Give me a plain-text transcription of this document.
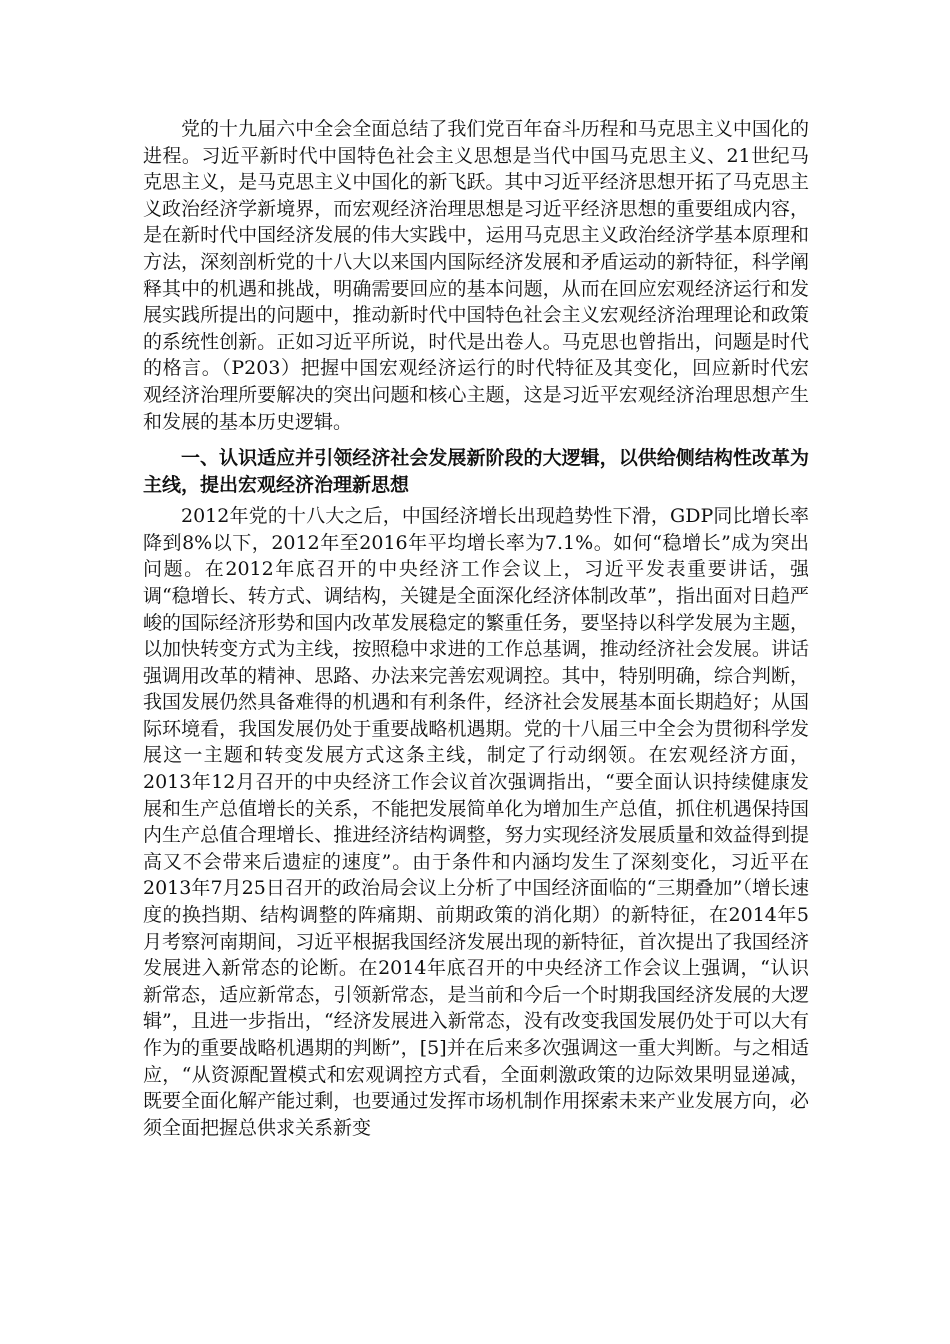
党的十九届六中全会全面总结了我们党百年奋斗历程和马克思主义中国化的进程。习近平新时代中国特色社会主义思想是当代中国马克思主义、21世纪马克思主义，是马克思主义中国化的新飞跃。其中习近平经济思想开拓了马克思主义政治经济学新境界，而宏观经济治理思想是习近平经济思想的重要组成内容，是在新时代中国经济发展的伟大实践中，运用马克思主义政治经济学基本原理和方法，深刻剖析党的十八大以来国内国际经济发展和矛盾运动的新特征，科学阐释其中的机遇和挑战，明确需要回应的基本问题，从而在回应宏观经济运行和发展实践所提出的问题中，推动新时代中国特色社会主义宏观经济治理理论和政策的系统性创新。正如习近平所说，时代是出卷人。马克思也曾指出，问题是时代的格言。（P203）把握中国宏观经济运行的时代特征及其变化，回应新时代宏观经济治理所要解决的突出问题和核心主题，这是习近平宏观经济治理思想产生和发展的基本历史逻辑。

一、认识适应并引领经济社会发展新阶段的大逻辑，以供给侧结构性改革为主线，提出宏观经济治理新思想

2012年党的十八大之后，中国经济增长出现趋势性下滑，GDP同比增长率降到8%以下，2012年至2016年平均增长率为7.1%。如何“稳增长”成为突出问题。在2012年底召开的中央经济工作会议上，习近平发表重要讲话，强调“稳增长、转方式、调结构，关键是全面深化经济体制改革”，指出面对日趋严峻的国际经济形势和国内改革发展稳定的繁重任务，要坚持以科学发展为主题，以加快转变方式为主线，按照稳中求进的工作总基调，推动经济社会发展。讲话强调用改革的精神、思路、办法来完善宏观调控。其中，特别明确，综合判断，我国发展仍然具备难得的机遇和有利条件，经济社会发展基本面长期趋好；从国际环境看，我国发展仍处于重要战略机遇期。党的十八届三中全会为贯彻科学发展这一主题和转变发展方式这条主线，制定了行动纲领。在宏观经济方面，2013年12月召开的中央经济工作会议首次强调指出，“要全面认识持续健康发展和生产总值增长的关系，不能把发展简单化为增加生产总值，抓住机遇保持国内生产总值合理增长、推进经济结构调整，努力实现经济发展质量和效益得到提高又不会带来后遗症的速度”。由于条件和内涵均发生了深刻变化，习近平在2013年7月25日召开的政治局会议上分析了中国经济面临的“三期叠加”（增长速度的换挡期、结构调整的阵痛期、前期政策的消化期）的新特征，在2014年5月考察河南期间，习近平根据我国经济发展出现的新特征，首次提出了我国经济发展进入新常态的论断。在2014年底召开的中央经济工作会议上强调，“认识新常态，适应新常态，引领新常态，是当前和今后一个时期我国经济发展的大逻辑”，且进一步指出，“经济发展进入新常态，没有改变我国发展仍处于可以大有作为的重要战略机遇期的判断”，[5]并在后来多次强调这一重大判断。与之相适应，“从资源配置模式和宏观调控方式看，全面刺激政策的边际效果明显递减，既要全面化解产能过剩，也要通过发挥市场机制作用探索未来产业发展方向，必须全面把握总供求关系新变
